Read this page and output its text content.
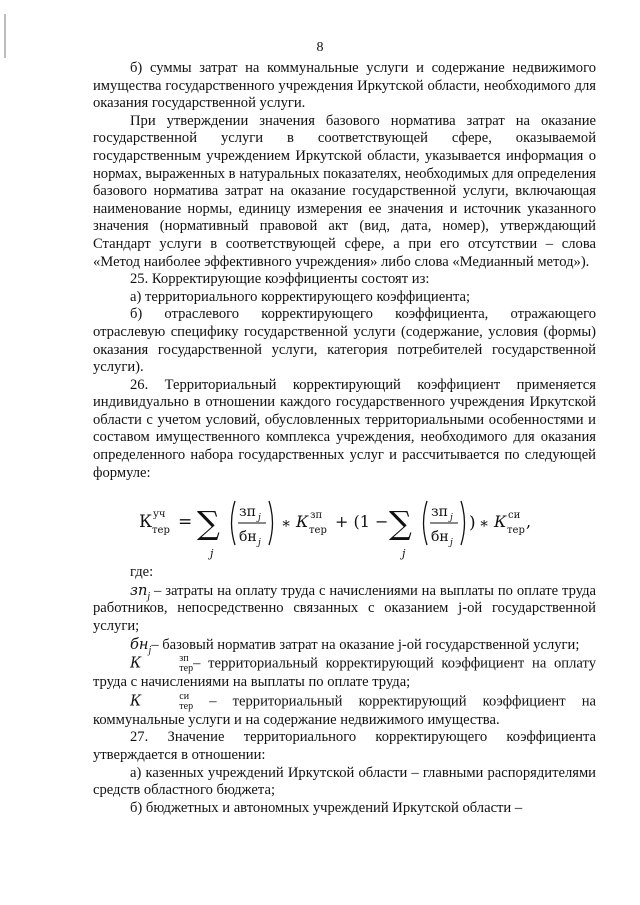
8

б) суммы затрат на коммунальные услуги и содержание недвижимого имущества государственного учреждения Иркутской области, необходимого для оказания государственной услуги.

При утверждении значения базового норматива затрат на оказание государственной услуги в соответствующей сфере, оказываемой государственным учреждением Иркутской области, указывается информация о нормах, выраженных в натуральных показателях, необходимых для определения базового норматива затрат на оказание государственной услуги, включающая наименование нормы, единицу измерения ее значения и источник указанного значения (нормативный правовой акт (вид, дата, номер), утверждающий Стандарт услуги в соответствующей сфере, а при его отсутствии – слова «Метод наиболее эффективного учреждения» либо слова «Медианный метод»).

25. Корректирующие коэффициенты состоят из:

а) территориального корректирующего коэффициента;

б) отраслевого корректирующего коэффициента, отражающего отраслевую специфику государственной услуги (содержание, условия (формы) оказания государственной услуги, категория потребителей государственной услуги).

26. Территориальный корректирующий коэффициент применяется индивидуально в отношении каждого государственного учреждения Иркутской области с учетом условий, обусловленных территориальными особенностями и составом имущественного комплекса учреждения, необходимого для оказания определенного набора государственных услуг и рассчитывается по следующей формуле:

К уч
тер = ∑
j
зп j
бн j
∗ К зп
тер + (1 − ∑
j
зп j
бн j
) ∗ К си
тер ,

где:

$зп_j$ – затраты на оплату труда с начислениями на выплаты по оплате труда работников, непосредственно связанных с оказанием j-ой государственной услуги;

$бн_j-$ базовый норматив затрат на оказание j-ой государственной услуги;

К	зп
тер – территориальный корректирующий коэффициент на оплату труда с начислениями на выплаты по оплате труда;

К	си
тер – территориальный корректирующий коэффициент на коммунальные услуги и на содержание недвижимого имущества.

27. Значение территориального корректирующего коэффициента утверждается в отношении:

а) казенных учреждений Иркутской области – главными распорядителями средств областного бюджета;

б) бюджетных и автономных учреждений Иркутской области –
